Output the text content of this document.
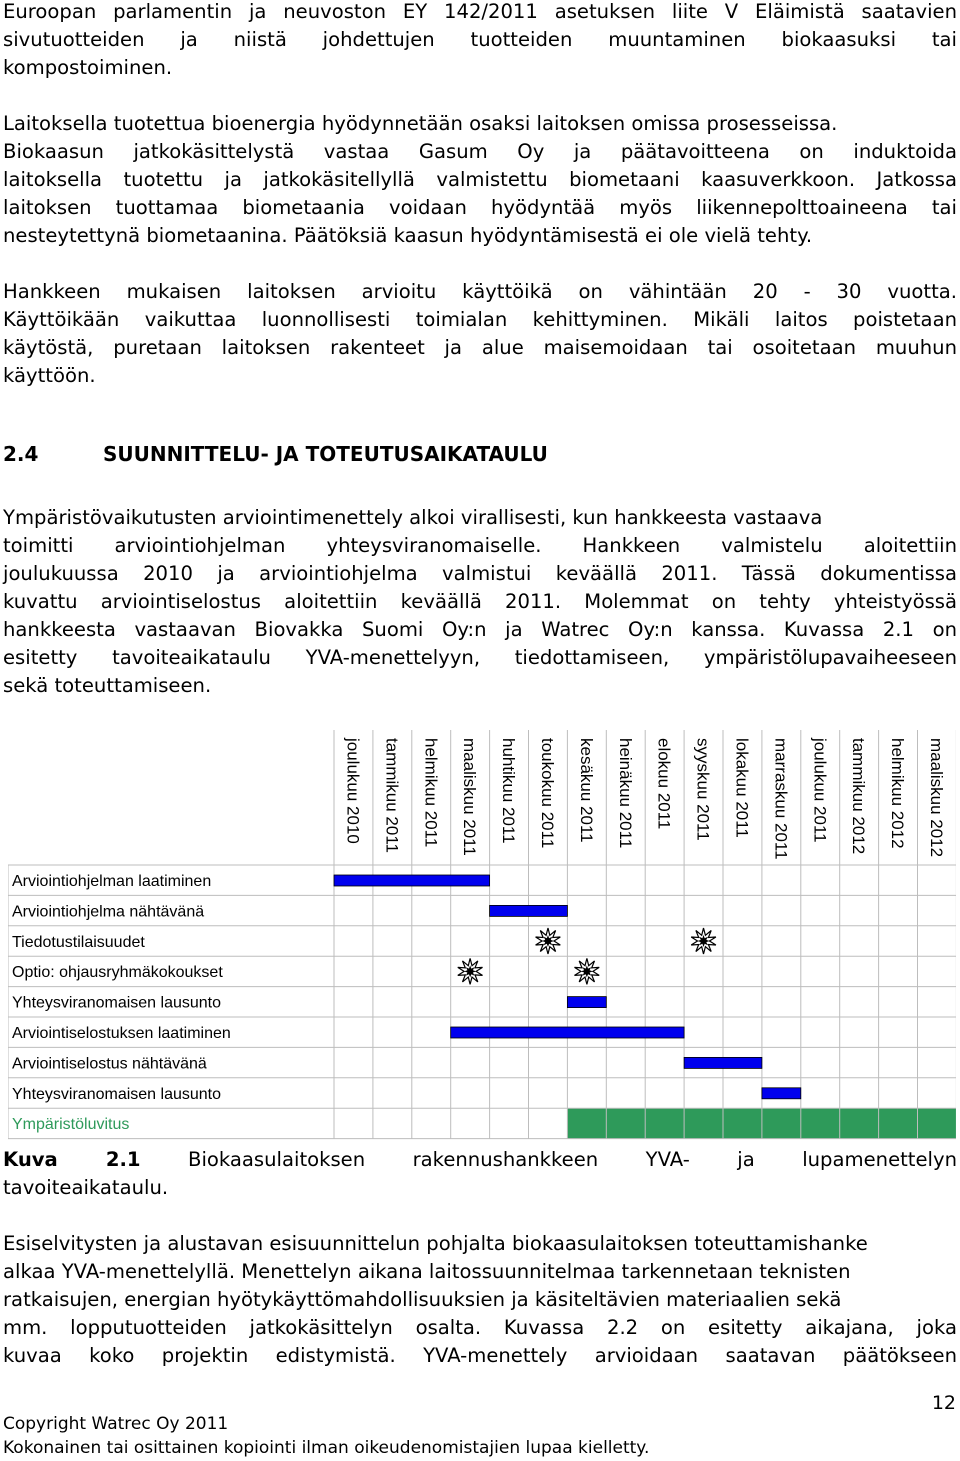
Euroopan parlamentin ja neuvoston EY 142/2011 asetuksen liite V Eläimistä saatavien
sivutuotteiden ja niistä johdettujen tuotteiden muuntaminen biokaasuksi tai
kompostoiminen.
Laitoksella tuotettua bioenergia hyödynnetään osaksi laitoksen omissa prosesseissa.
Biokaasun jatkokäsittelystä vastaa Gasum Oy ja päätavoitteena on induktoida
laitoksella tuotettu ja jatkokäsitellyllä valmistettu biometaani kaasuverkkoon. Jatkossa
laitoksen tuottamaa biometaania voidaan hyödyntää myös liikennepolttoaineena tai
nesteytettynä biometaanina. Päätöksiä kaasun hyödyntämisestä ei ole vielä tehty.
Hankkeen mukaisen laitoksen arvioitu käyttöikä on vähintään 20 - 30 vuotta.
Käyttöikään vaikuttaa luonnollisesti toimialan kehittyminen. Mikäli laitos poistetaan
käytöstä, puretaan laitoksen rakenteet ja alue maisemoidaan tai osoitetaan muuhun
käyttöön.
2.4	SUUNNITTELU- JA TOTEUTUSAIKATAULU
Ympäristövaikutusten arviointimenettely alkoi virallisesti, kun hankkeesta vastaava
toimitti arviointiohjelman yhteysviranomaiselle. Hankkeen valmistelu aloitettiin
joulukuussa 2010 ja arviointiohjelma valmistui keväällä 2011. Tässä dokumentissa
kuvattu arviointiselostus aloitettiin keväällä 2011. Molemmat on tehty yhteistyössä
hankkeesta vastaavan Biovakka Suomi Oy:n ja Watrec Oy:n kanssa. Kuvassa 2.1 on
esitetty tavoiteaikataulu YVA-menettelyyn, tiedottamiseen, ympäristölupavaiheeseen
sekä toteuttamiseen.
joulukuu 2010 tammikuu 2011 helmikuu 2011 maaliskuu 2011 huhtikuu 2011 toukokuu 2011 kesäkuu 2011 heinäkuu 2011 elokuu 2011 syyskuu 2011 lokakuu 2011 marraskuu 2011 joulukuu 2011 tammikuu 2012 helmikuu 2012 maaliskuu 2012
Arviointiohjelman laatiminen
Arviointiohjelma nähtävänä
Tiedotustilaisuudet
Optio: ohjausryhmäkokoukset
Yhteysviranomaisen lausunto
Arviointiselostuksen laatiminen
Arviointiselostus nähtävänä
Yhteysviranomaisen lausunto
Ympäristöluvitus
Kuva 2.1 Biokaasulaitoksen rakennushankkeen YVA- ja lupamenettelyn
tavoiteaikataulu.
Esiselvitysten ja alustavan esisuunnittelun pohjalta biokaasulaitoksen toteuttamishanke
alkaa YVA-menettelyllä. Menettelyn aikana laitossuunnitelmaa tarkennetaan teknisten
ratkaisujen, energian hyötykäyttömahdollisuuksien ja käsiteltävien materiaalien sekä
mm. lopputuotteiden jatkokäsittelyn osalta. Kuvassa 2.2 on esitetty aikajana, joka
kuvaa koko projektin edistymistä. YVA-menettely arvioidaan saatavan päätökseen
12
Copyright Watrec Oy 2011
Kokonainen tai osittainen kopiointi ilman oikeudenomistajien lupaa kielletty.
